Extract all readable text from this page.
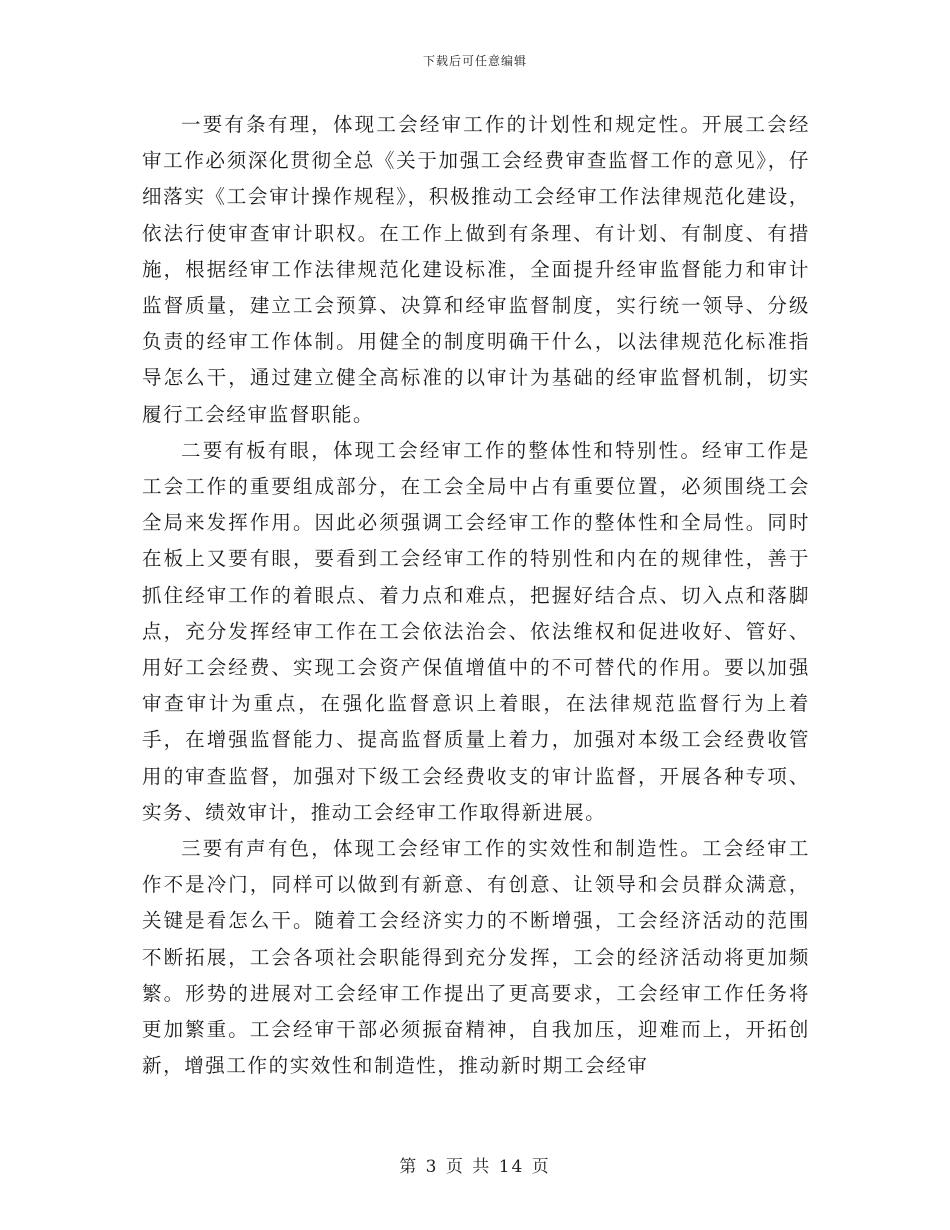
下载后可任意编辑

一要有条有理，体现工会经审工作的计划性和规定性。开展工会经审工作必须深化贯彻全总《关于加强工会经费审查监督工作的意见》，仔细落实《工会审计操作规程》，积极推动工会经审工作法律规范化建设，依法行使审查审计职权。在工作上做到有条理、有计划、有制度、有措施，根据经审工作法律规范化建设标准，全面提升经审监督能力和审计监督质量，建立工会预算、决算和经审监督制度，实行统一领导、分级负责的经审工作体制。用健全的制度明确干什么，以法律规范化标准指导怎么干，通过建立健全高标准的以审计为基础的经审监督机制，切实履行工会经审监督职能。

二要有板有眼，体现工会经审工作的整体性和特别性。经审工作是工会工作的重要组成部分，在工会全局中占有重要位置，必须围绕工会全局来发挥作用。因此必须强调工会经审工作的整体性和全局性。同时在板上又要有眼，要看到工会经审工作的特别性和内在的规律性，善于抓住经审工作的着眼点、着力点和难点，把握好结合点、切入点和落脚点，充分发挥经审工作在工会依法治会、依法维权和促进收好、管好、用好工会经费、实现工会资产保值增值中的不可替代的作用。要以加强审查审计为重点，在强化监督意识上着眼，在法律规范监督行为上着手，在增强监督能力、提高监督质量上着力，加强对本级工会经费收管用的审查监督，加强对下级工会经费收支的审计监督，开展各种专项、实务、绩效审计，推动工会经审工作取得新进展。

三要有声有色，体现工会经审工作的实效性和制造性。工会经审工作不是冷门，同样可以做到有新意、有创意、让领导和会员群众满意，关键是看怎么干。随着工会经济实力的不断增强，工会经济活动的范围不断拓展，工会各项社会职能得到充分发挥，工会的经济活动将更加频繁。形势的进展对工会经审工作提出了更高要求，工会经审工作任务将更加繁重。工会经审干部必须振奋精神，自我加压，迎难而上，开拓创新，增强工作的实效性和制造性，推动新时期工会经审

第 3 页 共 14 页
